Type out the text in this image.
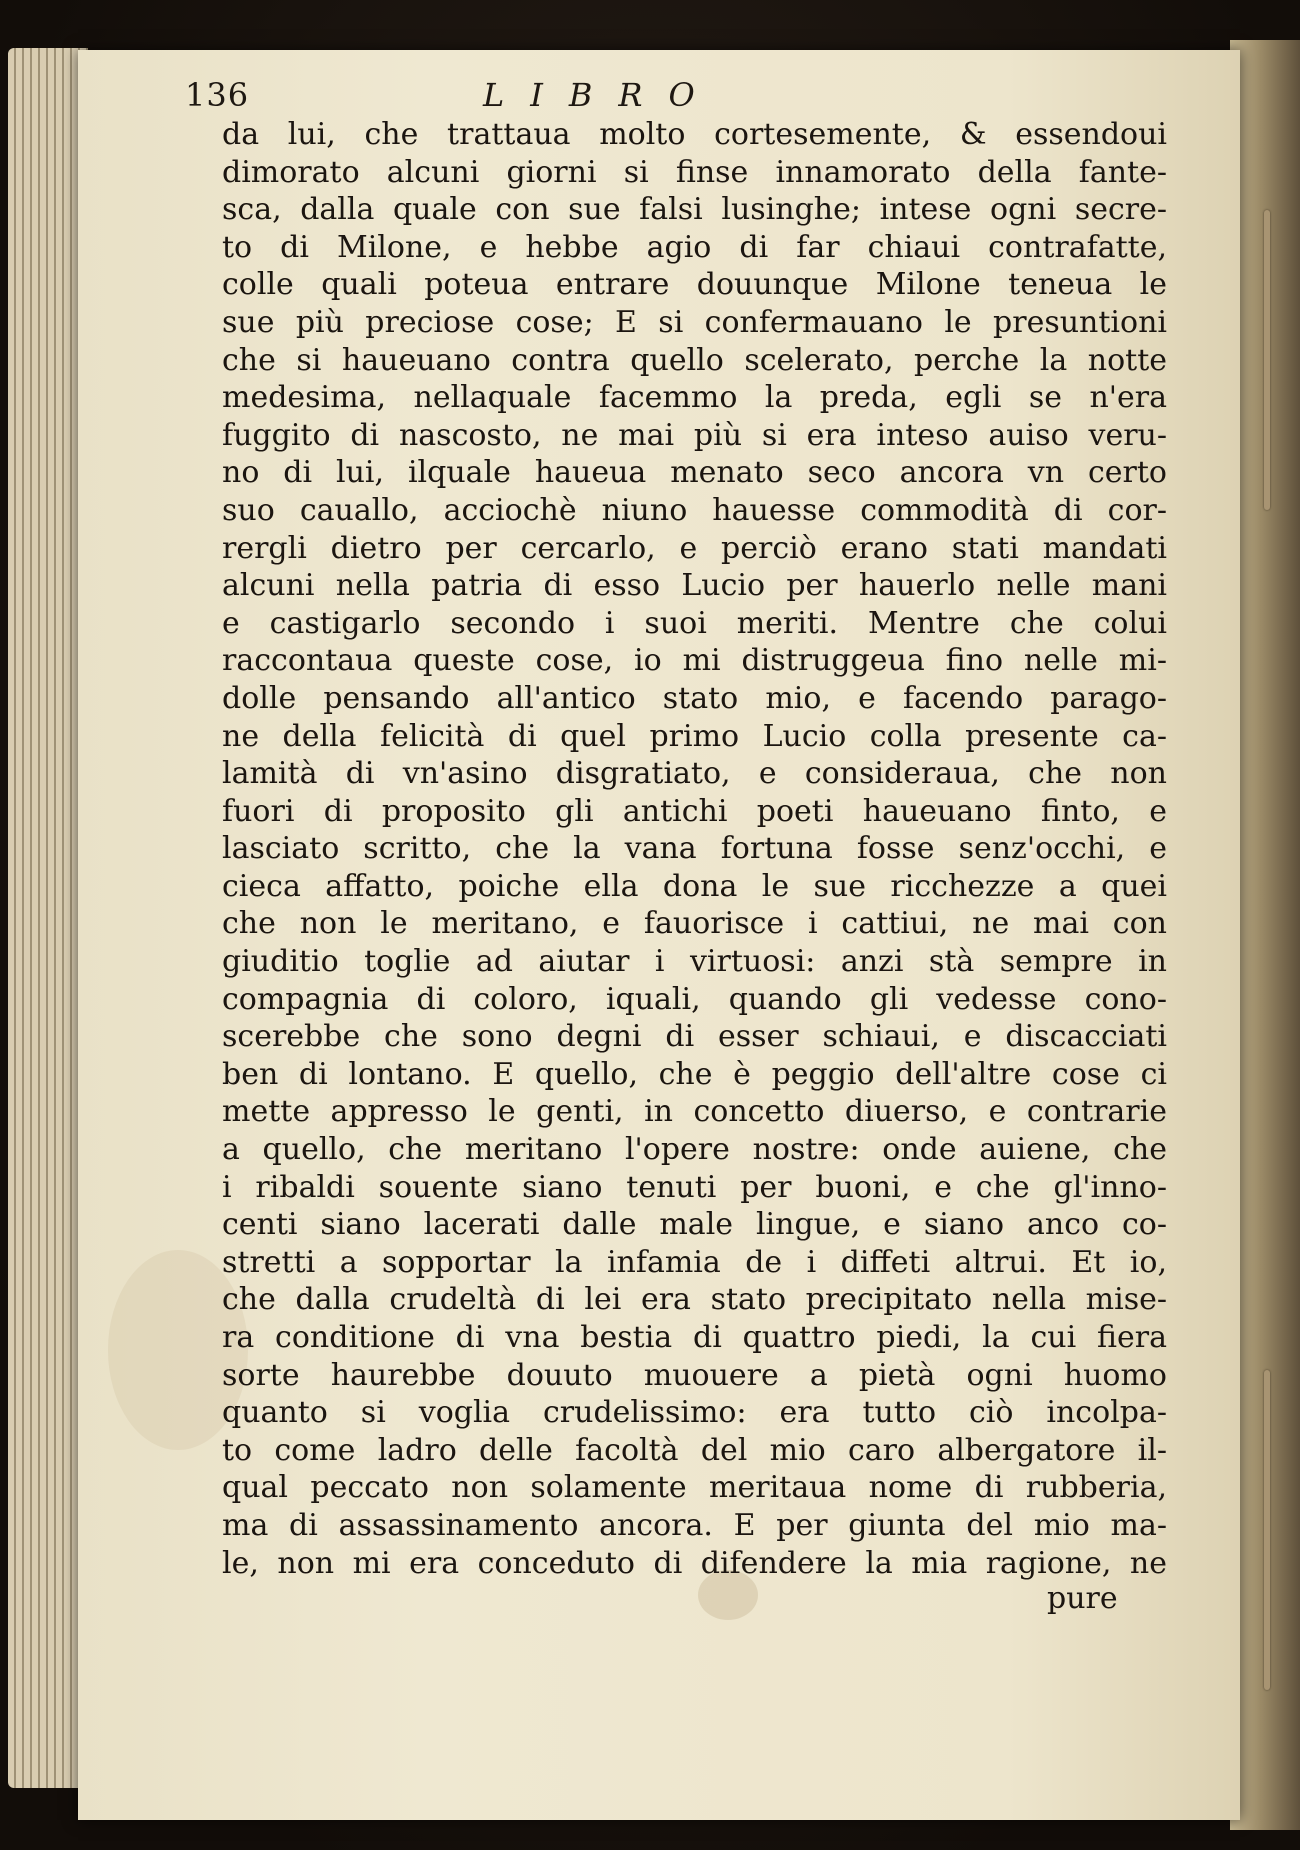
136	LIBRO
da lui, che trattaua molto cortesemente, & essendoui
dimorato alcuni giorni si finse innamorato della fante-
sca, dalla quale con sue falsi lusinghe; intese ogni secre-
to di Milone, e hebbe agio di far chiaui contrafatte,
colle quali poteua entrare douunque Milone teneua le
sue più preciose cose; E si confermauano le presuntioni
che si haueuano contra quello scelerato, perche la notte
medesima, nellaquale facemmo la preda, egli se n'era
fuggito di nascosto, ne mai più si era inteso auiso veru-
no di lui, ilquale haueua menato seco ancora vn certo
suo cauallo, acciochè niuno hauesse commodità di cor-
rergli dietro per cercarlo, e perciò erano stati mandati
alcuni nella patria di esso Lucio per hauerlo nelle mani
e castigarlo secondo i suoi meriti. Mentre che colui
raccontaua queste cose, io mi distruggeua fino nelle mi-
dolle pensando all'antico stato mio, e facendo parago-
ne della felicità di quel primo Lucio colla presente ca-
lamità di vn'asino disgratiato, e consideraua, che non
fuori di proposito gli antichi poeti haueuano finto, e
lasciato scritto, che la vana fortuna fosse senz'occhi, e
cieca affatto, poiche ella dona le sue ricchezze a quei
che non le meritano, e fauorisce i cattiui, ne mai con
giuditio toglie ad aiutar i virtuosi: anzi stà sempre in
compagnia di coloro, iquali, quando gli vedesse cono-
scerebbe che sono degni di esser schiaui, e discacciati
ben di lontano. E quello, che è peggio dell'altre cose ci
mette appresso le genti, in concetto diuerso, e contrarie
a quello, che meritano l'opere nostre: onde auiene, che
i ribaldi souente siano tenuti per buoni, e che gl'inno-
centi siano lacerati dalle male lingue, e siano anco co-
stretti a sopportar la infamia de i diffeti altrui. Et io,
che dalla crudeltà di lei era stato precipitato nella mise-
ra conditione di vna bestia di quattro piedi, la cui fiera
sorte haurebbe douuto muouere a pietà ogni huomo
quanto si voglia crudelissimo: era tutto ciò incolpa-
to come ladro delle facoltà del mio caro albergatore il-
qual peccato non solamente meritaua nome di rubberia,
ma di assassinamento ancora. E per giunta del mio ma-
le, non mi era conceduto di difendere la mia ragione, ne
pure
